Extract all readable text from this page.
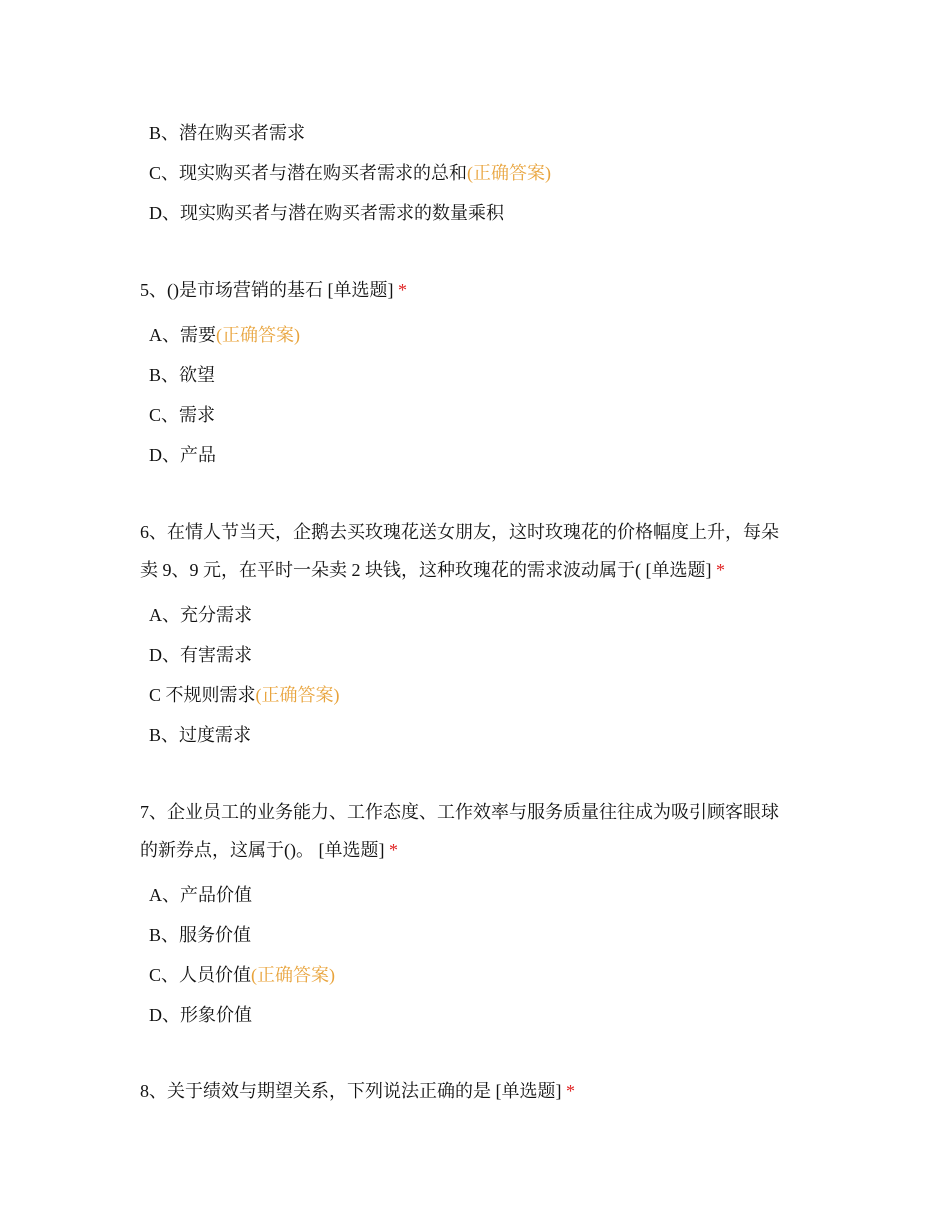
B、潜在购买者需求
C、现实购买者与潜在购买者需求的总和(正确答案)
D、现实购买者与潜在购买者需求的数量乘积
5、()是市场营销的基石 [单选题] *
A、需要(正确答案)
B、欲望
C、需求
D、产品
6、在情人节当天，企鹅去买玫瑰花送女朋友，这时玫瑰花的价格幅度上升，每朵
卖 9、9 元，在平时一朵卖 2 块钱，这种玫瑰花的需求波动属于( [单选题] *
A、充分需求
D、有害需求
C 不规则需求(正确答案)
B、过度需求
7、企业员工的业务能力、工作态度、工作效率与服务质量往往成为吸引顾客眼球
的新券点，这属于()。 [单选题] *
A、产品价值
B、服务价值
C、人员价值(正确答案)
D、形象价值
8、关于绩效与期望关系，下列说法正确的是 [单选题] *
